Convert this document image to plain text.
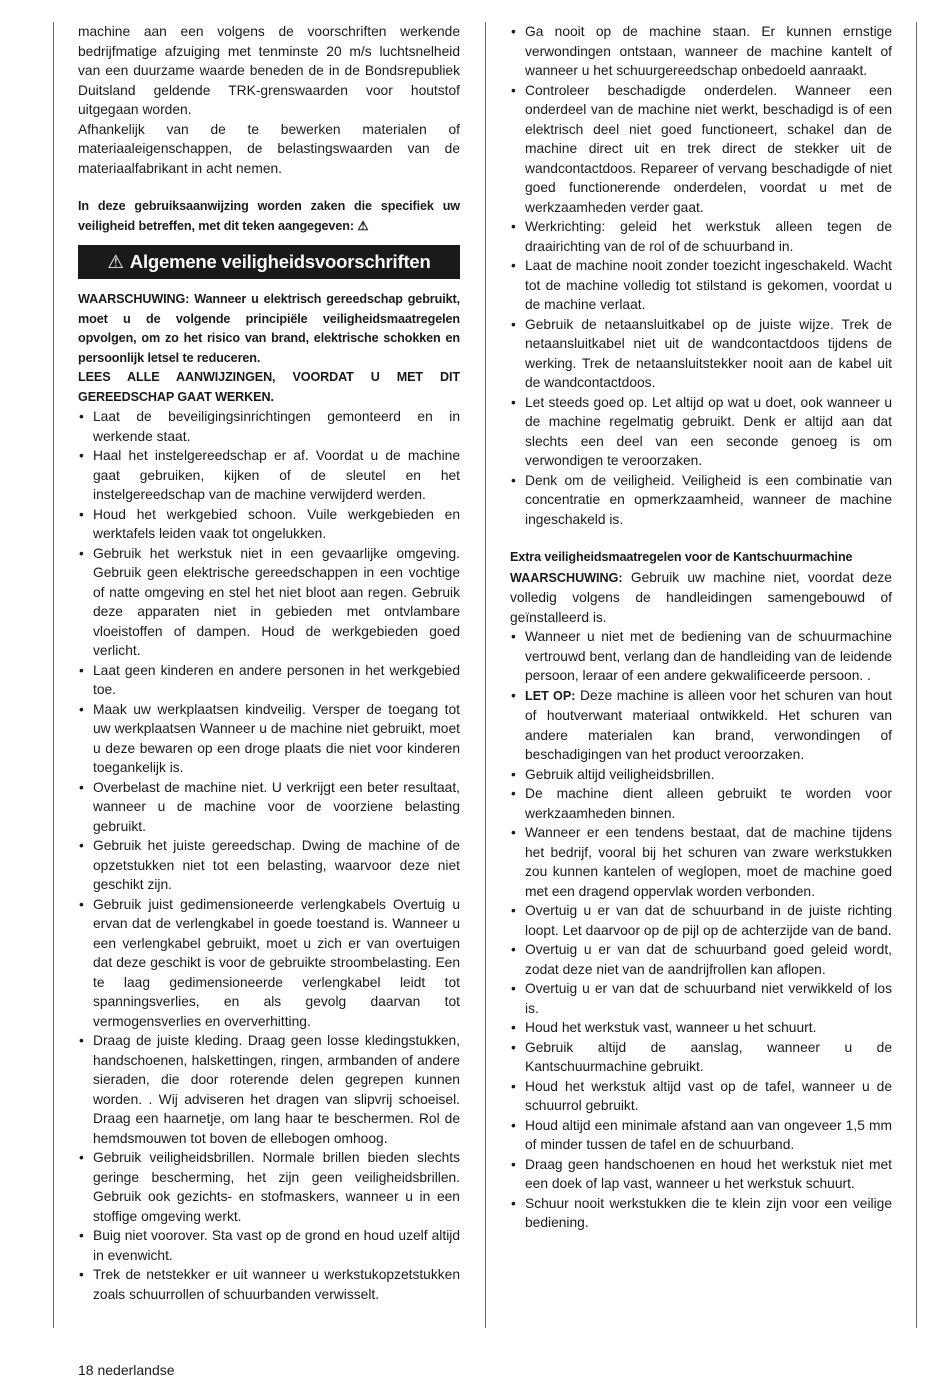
machine aan een volgens de voorschriften werkende bedrijfmatige afzuiging met tenminste 20 m/s luchtsnelheid van een duurzame waarde beneden de in de Bondsrepubliek Duitsland geldende TRK-grenswaarden voor houtstof uitgegaan worden.

Afhankelijk van de te bewerken materialen of materiaaleigenschappen, de belastingswaarden van de materiaalfabrikant in acht nemen.

In deze gebruiksaanwijzing worden zaken die specifiek uw veiligheid betreffen, met dit teken aangegeven: ⚠

⚠ Algemene veiligheidsvoorschriften

WAARSCHUWING: Wanneer u elektrisch gereedschap gebruikt, moet u de volgende principiële veiligheidsmaatregelen opvolgen, om zo het risico van brand, elektrische schokken en persoonlijk letsel te reduceren.

LEES ALLE AANWIJZINGEN, VOORDAT U MET DIT GEREEDSCHAP GAAT WERKEN.

• Laat de beveiligingsinrichtingen gemonteerd en in werkende staat.
• Haal het instelgereedschap er af. Voordat u de machine gaat gebruiken, kijken of de sleutel en het instelgereedschap van de machine verwijderd werden.
• Houd het werkgebied schoon. Vuile werkgebieden en werktafels leiden vaak tot ongelukken.
• Gebruik het werkstuk niet in een gevaarlijke omgeving. Gebruik geen elektrische gereedschappen in een vochtige of natte omgeving en stel het niet bloot aan regen. Gebruik deze apparaten niet in gebieden met ontvlambare vloeistoffen of dampen. Houd de werkgebieden goed verlicht.
• Laat geen kinderen en andere personen in het werkgebied toe.
• Maak uw werkplaatsen kindveilig. Versper de toegang tot uw werkplaatsen Wanneer u de machine niet gebruikt, moet u deze bewaren op een droge plaats die niet voor kinderen toegankelijk is.
• Overbelast de machine niet. U verkrijgt een beter resultaat, wanneer u de machine voor de voorziene belasting gebruikt.
• Gebruik het juiste gereedschap. Dwing de machine of de opzetstukken niet tot een belasting, waarvoor deze niet geschikt zijn.
• Gebruik juist gedimensioneerde verlengkabels Overtuig u ervan dat de verlengkabel in goede toestand is. Wanneer u een verlengkabel gebruikt, moet u zich er van overtuigen dat deze geschikt is voor de gebruikte stroombelasting. Een te laag gedimensioneerde verlengkabel leidt tot spanningsverlies, en als gevolg daarvan tot vermogensverlies en oververhitting.
• Draag de juiste kleding. Draag geen losse kledingstukken, handschoenen, halskettingen, ringen, armbanden of andere sieraden, die door roterende delen gegrepen kunnen worden. . Wij adviseren het dragen van slipvrij schoeisel. Draag een haarnetje, om lang haar te beschermen. Rol de hemdsmouwen tot boven de ellebogen omhoog.
• Gebruik veiligheidsbrillen. Normale brillen bieden slechts geringe bescherming, het zijn geen veiligheidsbrillen. Gebruik ook gezichts- en stofmaskers, wanneer u in een stoffige omgeving werkt.
• Buig niet voorover. Sta vast op de grond en houd uzelf altijd in evenwicht.
• Trek de netstekker er uit wanneer u werkstukopzetstukken zoals schuurrollen of schuurbanden verwisselt.
• Ga nooit op de machine staan. Er kunnen ernstige verwondingen ontstaan, wanneer de machine kantelt of wanneer u het schuurgereedschap onbedoeld aanraakt.
• Controleer beschadigde onderdelen. Wanneer een onderdeel van de machine niet werkt, beschadigd is of een elektrisch deel niet goed functioneert, schakel dan de machine direct uit en trek direct de stekker uit de wandcontactdoos. Repareer of vervang beschadigde of niet goed functionerende onderdelen, voordat u met de werkzaamheden verder gaat.
• Werkrichting: geleid het werkstuk alleen tegen de draairichting van de rol of de schuurband in.
• Laat de machine nooit zonder toezicht ingeschakeld. Wacht tot de machine volledig tot stilstand is gekomen, voordat u de machine verlaat.
• Gebruik de netaansluitkabel op de juiste wijze. Trek de netaansluitkabel niet uit de wandcontactdoos tijdens de werking. Trek de netaansluitstekker nooit aan de kabel uit de wandcontactdoos.
• Let steeds goed op. Let altijd op wat u doet, ook wanneer u de machine regelmatig gebruikt. Denk er altijd aan dat slechts een deel van een seconde genoeg is om verwondigen te veroorzaken.
• Denk om de veiligheid. Veiligheid is een combinatie van concentratie en opmerkzaamheid, wanneer de machine ingeschakeld is.

Extra veiligheidsmaatregelen voor de Kantschuurmachine

WAARSCHUWING: Gebruik uw machine niet, voordat deze volledig volgens de handleidingen samengebouwd of geïnstalleerd is.

• Wanneer u niet met de bediening van de schuurmachine vertrouwd bent, verlang dan de handleiding van de leidende persoon, leraar of een andere gekwalificeerde persoon. .
• LET OP: Deze machine is alleen voor het schuren van hout of houtverwant materiaal ontwikkeld. Het schuren van andere materialen kan brand, verwondingen of beschadigingen van het product veroorzaken.
• Gebruik altijd veiligheidsbrillen.
• De machine dient alleen gebruikt te worden voor werkzaamheden binnen.
• Wanneer er een tendens bestaat, dat de machine tijdens het bedrijf, vooral bij het schuren van zware werkstukken zou kunnen kantelen of weglopen, moet de machine goed met een dragend oppervlak worden verbonden.
• Overtuig u er van dat de schuurband in de juiste richting loopt. Let daarvoor op de pijl op de achterzijde van de band.
• Overtuig u er van dat de schuurband goed geleid wordt, zodat deze niet van de aandrijfrollen kan aflopen.
• Overtuig u er van dat de schuurband niet verwikkeld of los is.
• Houd het werkstuk vast, wanneer u het schuurt.
• Gebruik altijd de aanslag, wanneer u de Kantschuurmachine gebruikt.
• Houd het werkstuk altijd vast op de tafel, wanneer u de schuurrol gebruikt.
• Houd altijd een minimale afstand aan van ongeveer 1,5 mm of minder tussen de tafel en de schuurband.
• Draag geen handschoenen en houd het werkstuk niet met een doek of lap vast, wanneer u het werkstuk schuurt.
• Schuur nooit werkstukken die te klein zijn voor een veilige bediening.
18 nederlandse
